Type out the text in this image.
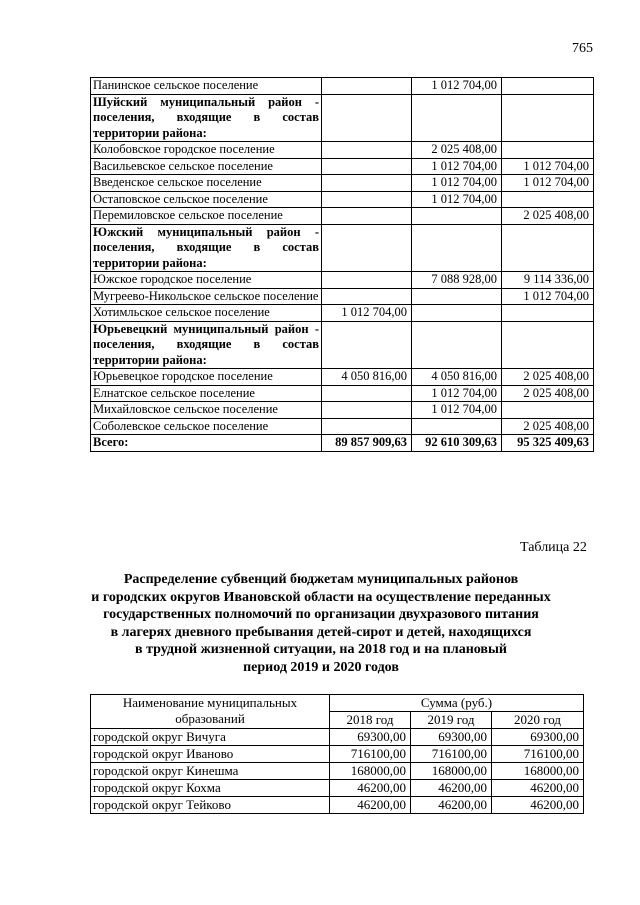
765
Панинское сельское поселение		1 012 704,00	
Шуйский муниципальный район - поселения, входящие в состав территории района:			
Колобовское городское поселение		2 025 408,00	
Васильевское сельское поселение		1 012 704,00	1 012 704,00
Введенское сельское поселение		1 012 704,00	1 012 704,00
Остаповское сельское поселение		1 012 704,00	
Перемиловское сельское поселение			2 025 408,00
Южский муниципальный район - поселения, входящие в состав территории района:			
Южское городское поселение		7 088 928,00	9 114 336,00
Мугреево-Никольское сельское поселение			1 012 704,00
Хотимльское сельское поселение	1 012 704,00		
Юрьевецкий муниципальный район - поселения, входящие в состав территории района:			
Юрьевецкое городское поселение	4 050 816,00	4 050 816,00	2 025 408,00
Елнатское сельское поселение		1 012 704,00	2 025 408,00
Михайловское сельское поселение		1 012 704,00	
Соболевское сельское поселение			2 025 408,00
Всего:	89 857 909,63	92 610 309,63	95 325 409,63
Таблица 22
Распределение субвенций бюджетам муниципальных районов
и городских округов Ивановской области на осуществление переданных
государственных полномочий по организации двухразового питания
в лагерях дневного пребывания детей-сирот и детей, находящихся
в трудной жизненной ситуации, на 2018 год и на плановый
период 2019 и 2020 годов
Наименование муниципальных
образований	Сумма (руб.)		
	2018 год	2019 год	2020 год
городской округ Вичуга	69300,00	69300,00	69300,00
городской округ Иваново	716100,00	716100,00	716100,00
городской округ Кинешма	168000,00	168000,00	168000,00
городской округ Кохма	46200,00	46200,00	46200,00
городской округ Тейково	46200,00	46200,00	46200,00
